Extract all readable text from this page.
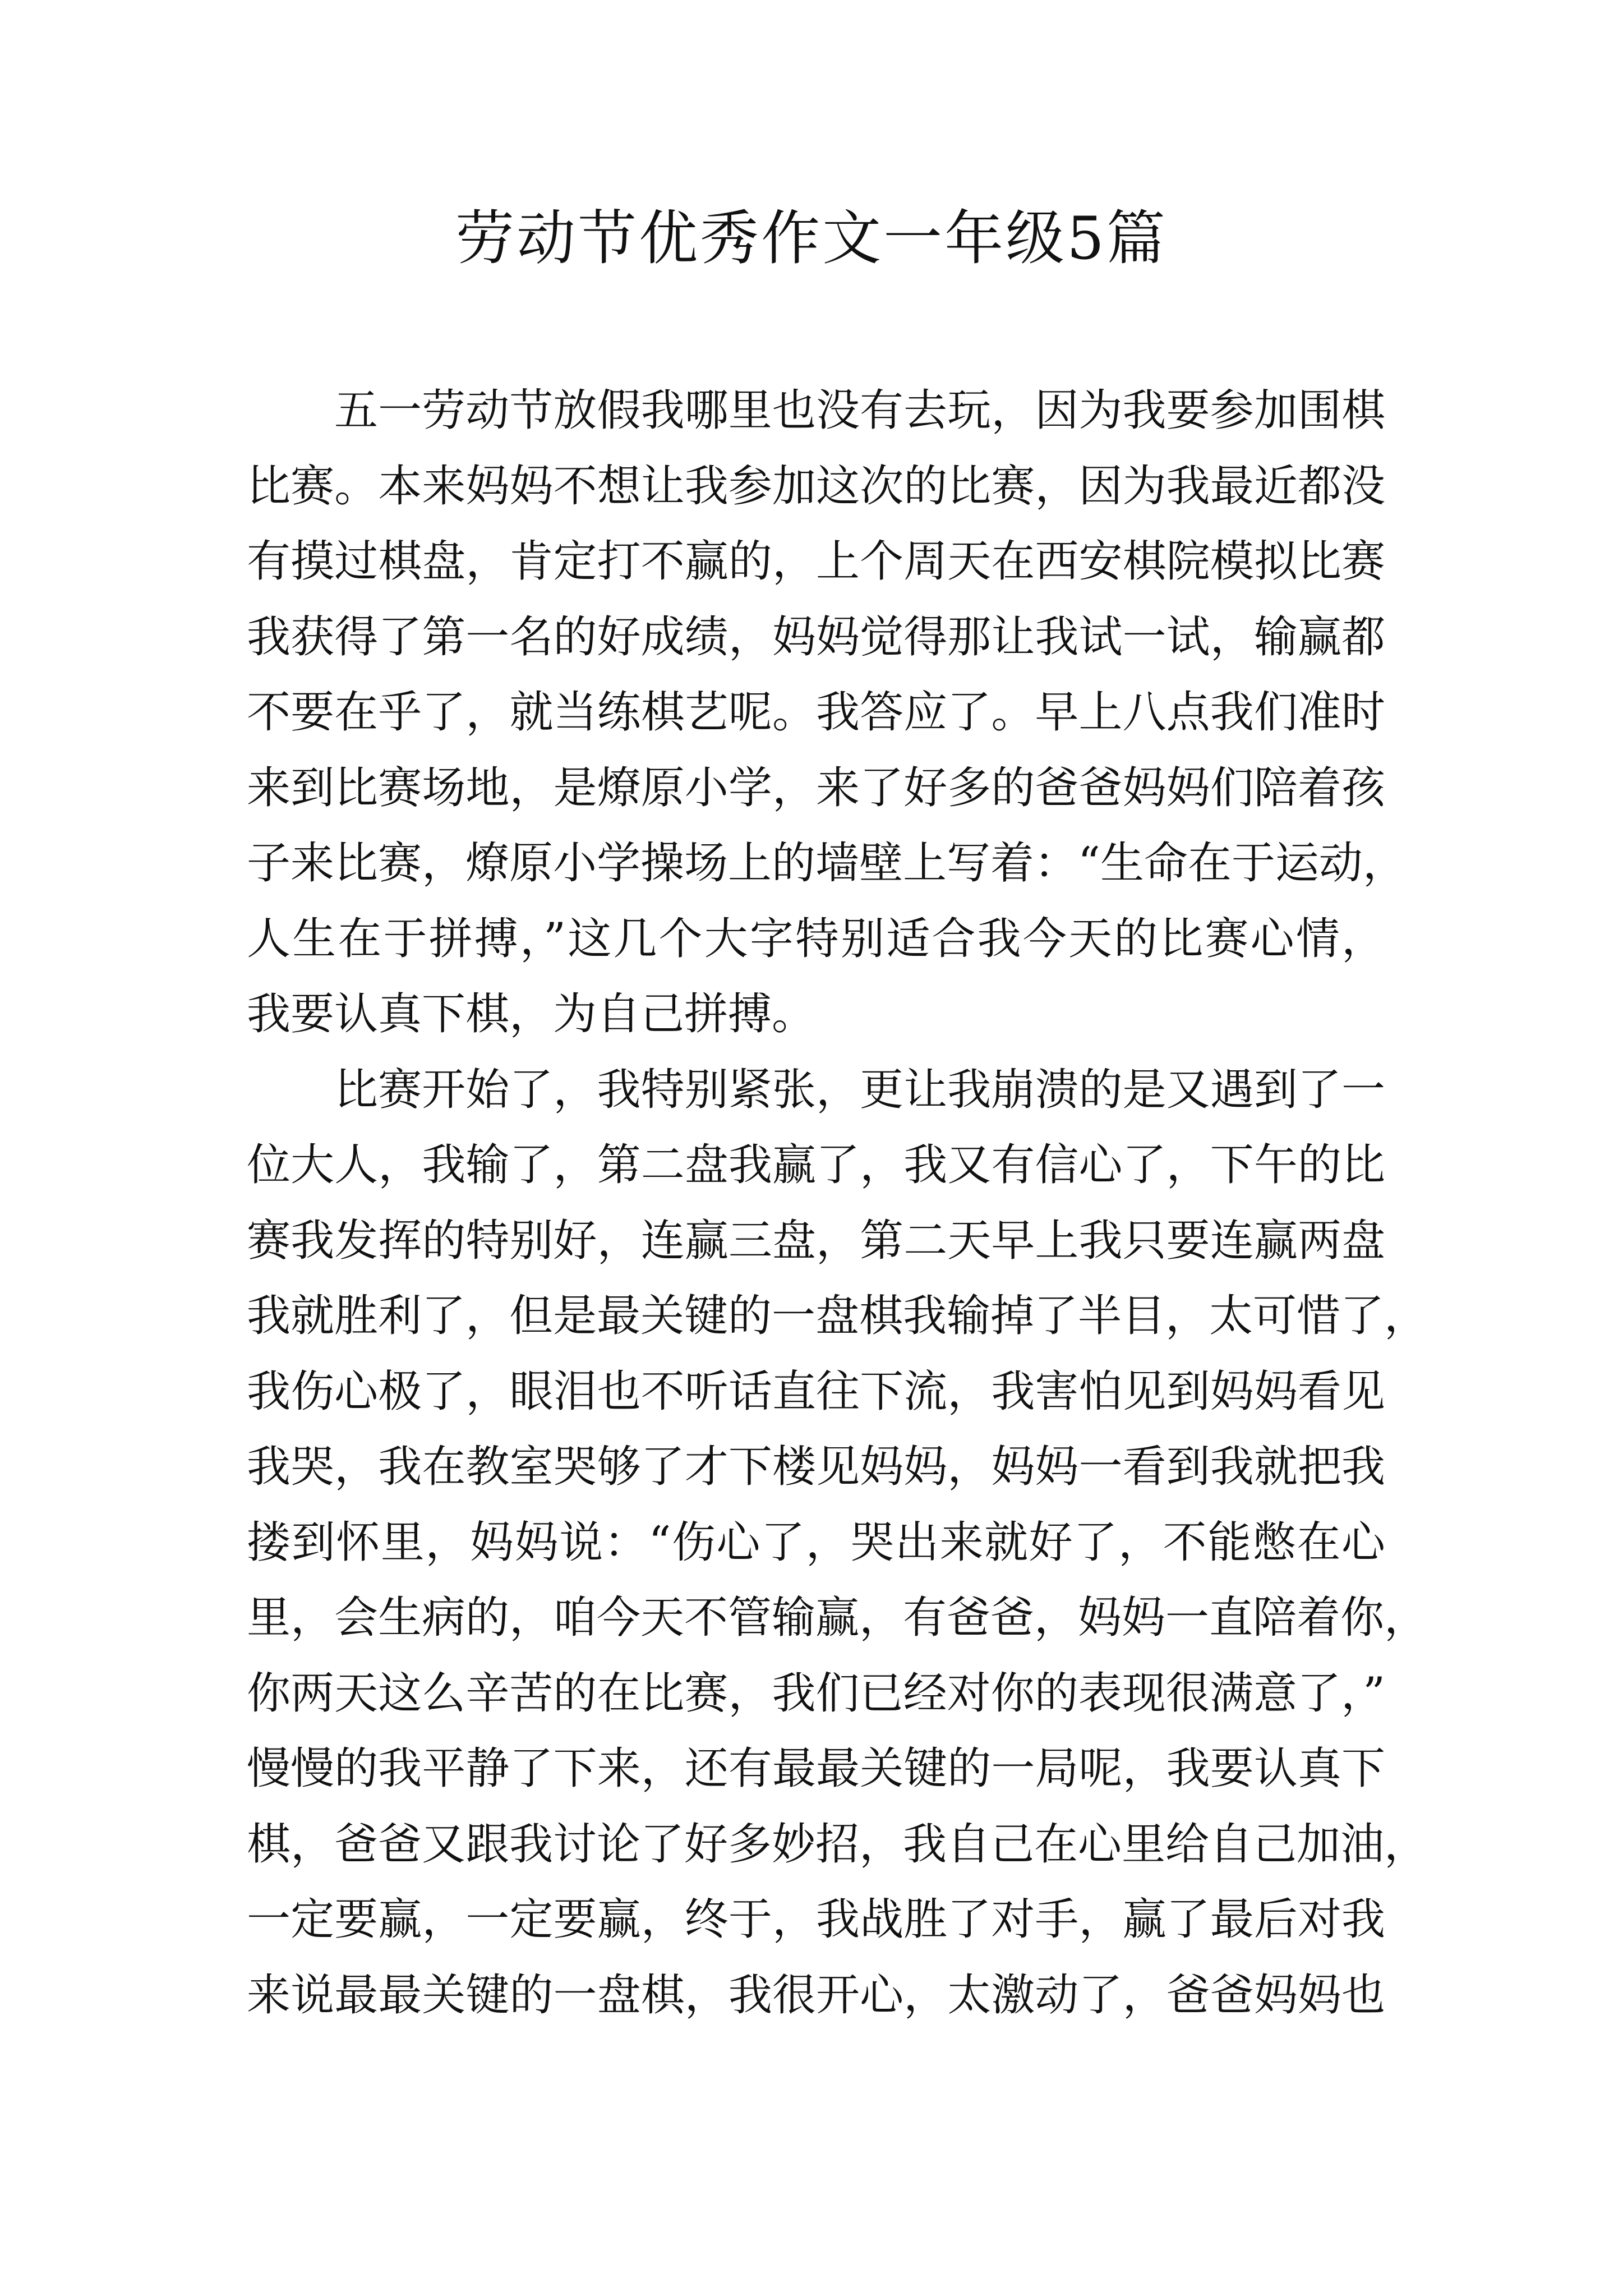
劳动节优秀作文一年级5篇
五一劳动节放假我哪里也没有去玩，因为我要参加围棋
比赛。本来妈妈不想让我参加这次的比赛，因为我最近都没
有摸过棋盘，肯定打不赢的，上个周天在西安棋院模拟比赛
我获得了第一名的好成绩，妈妈觉得那让我试一试，输赢都
不要在乎了，就当练棋艺呢。我答应了。早上八点我们准时
来到比赛场地，是燎原小学，来了好多的爸爸妈妈们陪着孩
子来比赛，燎原小学操场上的墙壁上写着：“生命在于运动，
人生在于拼搏，”这几个大字特别适合我今天的比赛心情，
我要认真下棋，为自己拼搏。
比赛开始了，我特别紧张，更让我崩溃的是又遇到了一
位大人，我输了，第二盘我赢了，我又有信心了，下午的比
赛我发挥的特别好，连赢三盘，第二天早上我只要连赢两盘
我就胜利了，但是最关键的一盘棋我输掉了半目，太可惜了，
我伤心极了，眼泪也不听话直往下流，我害怕见到妈妈看见
我哭，我在教室哭够了才下楼见妈妈，妈妈一看到我就把我
搂到怀里，妈妈说：“伤心了，哭出来就好了，不能憋在心
里，会生病的，咱今天不管输赢，有爸爸，妈妈一直陪着你，
你两天这么辛苦的在比赛，我们已经对你的表现很满意了，”
慢慢的我平静了下来，还有最最关键的一局呢，我要认真下
棋，爸爸又跟我讨论了好多妙招，我自己在心里给自己加油，
一定要赢，一定要赢，终于，我战胜了对手，赢了最后对我
来说最最关键的一盘棋，我很开心，太激动了，爸爸妈妈也
